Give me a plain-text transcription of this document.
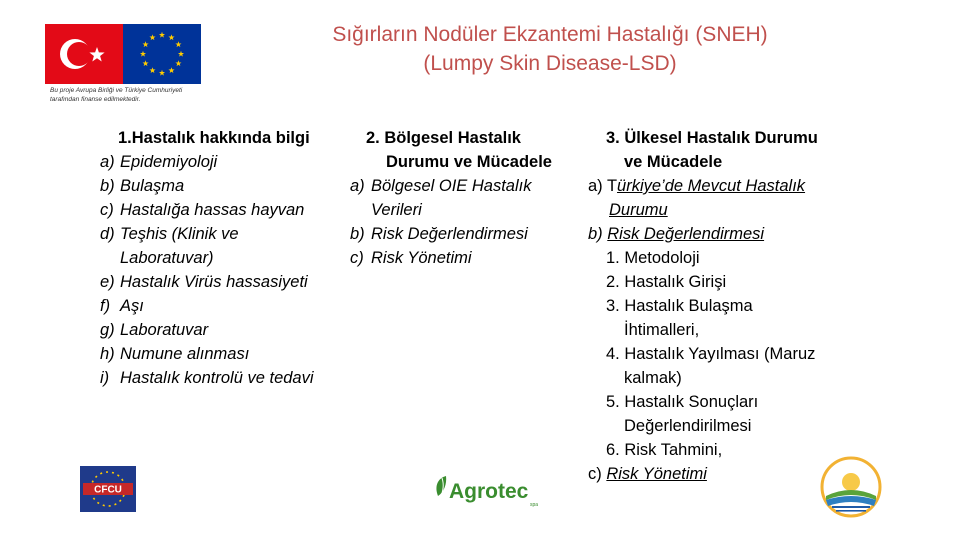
Bu proje Avrupa Birliği ve Türkiye Cumhuriyeti
tarafından finanse edilmektedir.
Sığırların Nodüler Ekzantemi Hastalığı (SNEH)
(Lumpy Skin Disease-LSD)
1.Hastalık hakkında bilgi
a) Epidemiyoloji
b) Bulaşma
c) Hastalığa hassas hayvan
d) Teşhis (Klinik ve
Laboratuvar)
e) Hastalık Virüs hassasiyeti
f) Aşı
g) Laboratuvar
h) Numune alınması
i) Hastalık kontrolü ve tedavi
2. Bölgesel Hastalık
Durumu ve Mücadele
a) Bölgesel OIE Hastalık
Verileri
b) Risk Değerlendirmesi
c) Risk Yönetimi
3. Ülkesel Hastalık Durumu
ve Mücadele
a) Türkiye’de Mevcut Hastalık
Durumu
b) Risk Değerlendirmesi
1. Metodoloji
2. Hastalık Girişi
3. Hastalık Bulaşma
İhtimalleri,
4. Hastalık Yayılması (Maruz
kalmak)
5. Hastalık Sonuçları
Değerlendirilmesi
6. Risk Tahmini,
c) Risk Yönetimi
CFCU	Agrotec
spa
